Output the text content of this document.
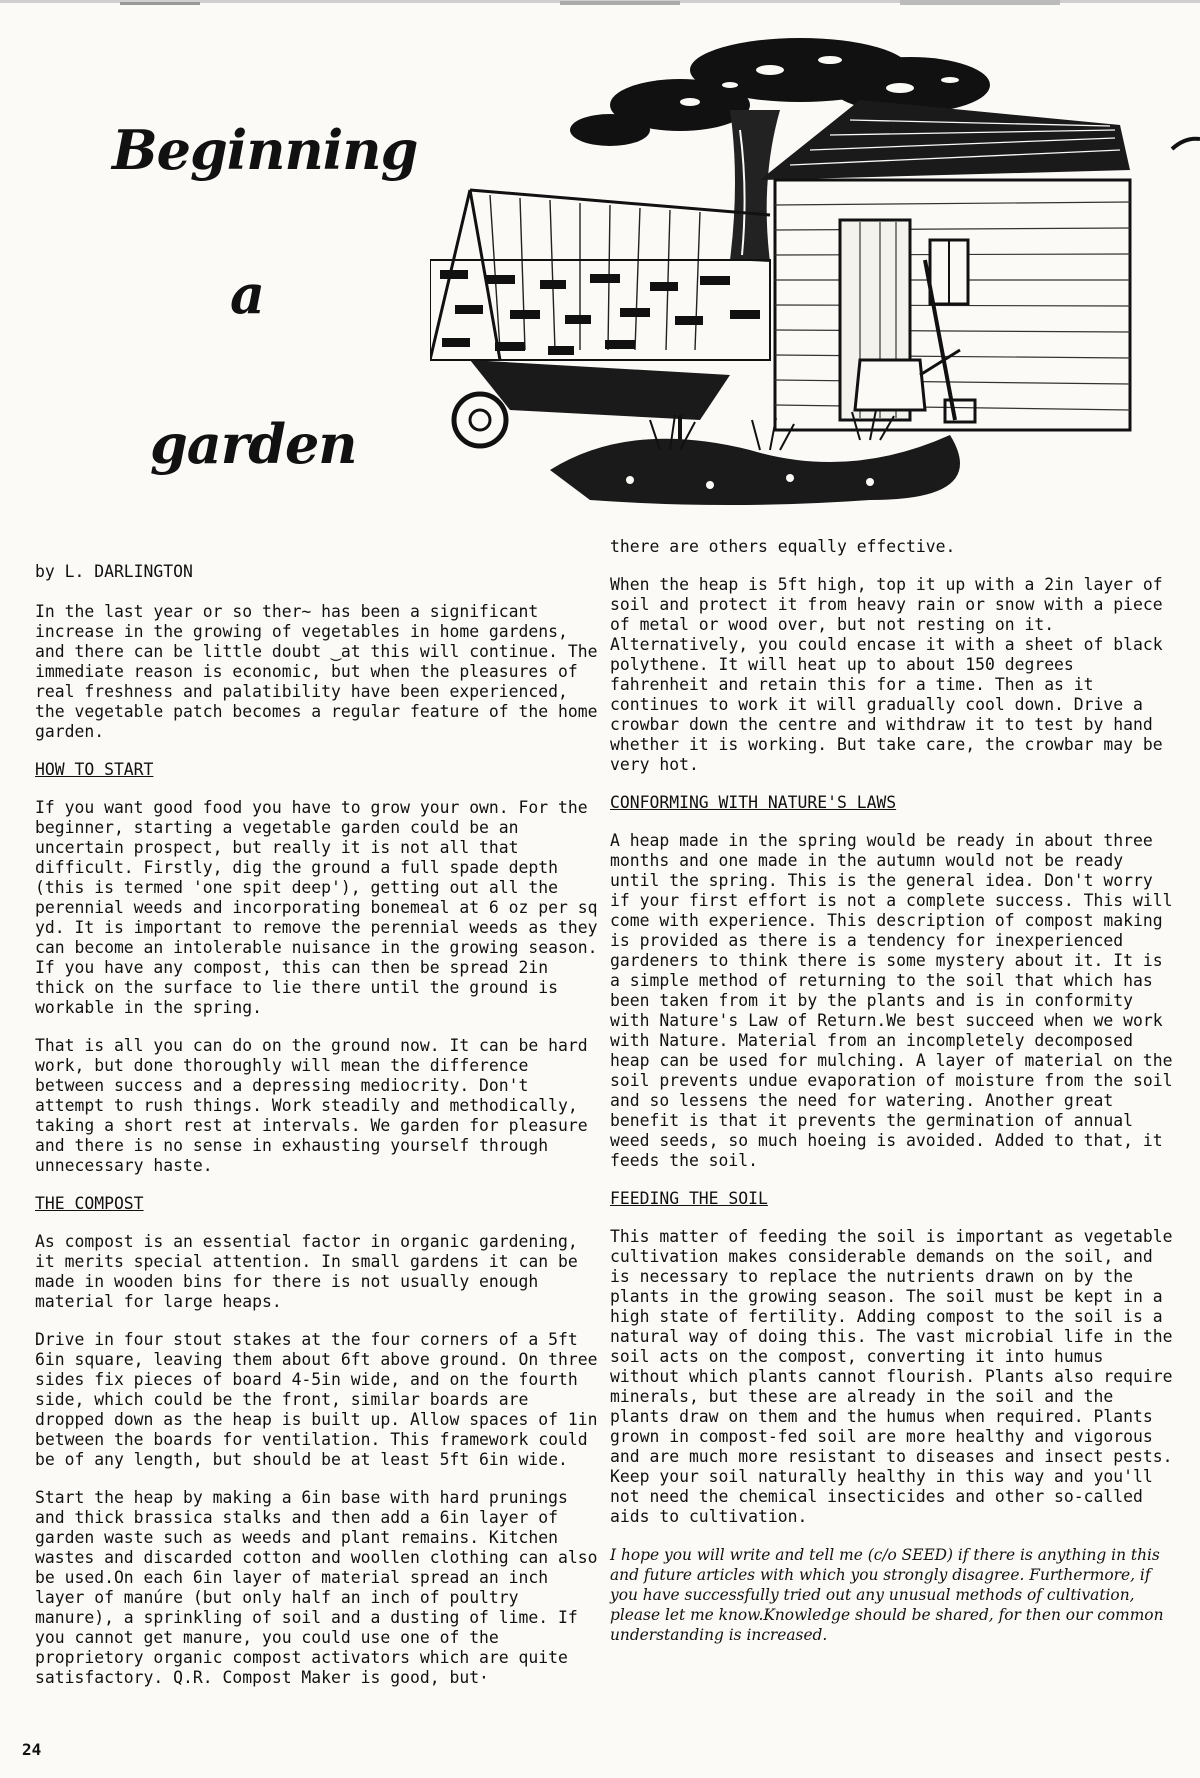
Beginning
a
garden

by L. DARLINGTON

In the last year or so ther~ has been a significant increase in the growing of vegetables in home gardens, and there can be little doubt ‿at this will continue. The immediate reason is economic, but when the pleasures of real freshness and palatibility have been experienced, the vegetable patch becomes a regular feature of the home garden.

HOW TO START

If you want good food you have to grow your own. For the beginner, starting a vegetable garden could be an uncertain prospect, but really it is not all that difficult. Firstly, dig the ground a full spade depth (this is termed 'one spit deep'), getting out all the perennial weeds and incorporating bonemeal at 6 oz per sq yd. It is important to remove the perennial weeds as they can become an intolerable nuisance in the growing season. If you have any compost, this can then be spread 2in thick on the surface to lie there until the ground is workable in the spring.

That is all you can do on the ground now. It can be hard work, but done thoroughly will mean the difference between success and a depressing mediocrity. Don't attempt to rush things. Work steadily and methodically, taking a short rest at intervals. We garden for pleasure and there is no sense in exhausting yourself through unnecessary haste.

THE COMPOST

As compost is an essential factor in organic gardening, it merits special attention. In small gardens it can be made in wooden bins for there is not usually enough material for large heaps.

Drive in four stout stakes at the four corners of a 5ft 6in square, leaving them about 6ft above ground. On three sides fix pieces of board 4-5in wide, and on the fourth side, which could be the front, similar boards are dropped down as the heap is built up. Allow spaces of 1in between the boards for ventilation. This framework could be of any length, but should be at least 5ft 6in wide.

Start the heap by making a 6in base with hard prunings and thick brassica stalks and then add a 6in layer of garden waste such as weeds and plant remains. Kitchen wastes and discarded cotton and woollen clothing can also be used.On each 6in layer of material spread an inch layer of manúre (but only half an inch of poultry manure), a sprinkling of soil and a dusting of lime. If you cannot get manure, you could use one of the proprietory organic compost activators which are quite satisfactory. Q.R. Compost Maker is good, but·

there are others equally effective.

When the heap is 5ft high, top it up with a 2in layer of soil and protect it from heavy rain or snow with a piece of metal or wood over, but not resting on it. Alternatively, you could encase it with a sheet of black polythene. It will heat up to about 150 degrees fahrenheit and retain this for a time. Then as it continues to work it will gradually cool down. Drive a crowbar down the centre and withdraw it to test by hand whether it is working. But take care, the crowbar may be very hot.

CONFORMING WITH NATURE'S LAWS

A heap made in the spring would be ready in about three months and one made in the autumn would not be ready until the spring. This is the general idea. Don't worry if your first effort is not a complete success. This will come with experience. This description of compost making is provided as there is a tendency for inexperienced gardeners to think there is some mystery about it. It is a simple method of returning to the soil that which has been taken from it by the plants and is in conformity with Nature's Law of Return.We best succeed when we work with Nature. Material from an incompletely decomposed heap can be used for mulching. A layer of material on the soil prevents undue evaporation of moisture from the soil and so lessens the need for watering. Another great benefit is that it prevents the germination of annual weed seeds, so much hoeing is avoided. Added to that, it feeds the soil.

FEEDING THE SOIL

This matter of feeding the soil is important as vegetable cultivation makes considerable demands on the soil, and is necessary to replace the nutrients drawn on by the plants in the growing season. The soil must be kept in a high state of fertility. Adding compost to the soil is a natural way of doing this. The vast microbial life in the soil acts on the compost, converting it into humus without which plants cannot flourish. Plants also require minerals, but these are already in the soil and the plants draw on them and the humus when required. Plants grown in compost-fed soil are more healthy and vigorous and are much more resistant to diseases and insect pests. Keep your soil naturally healthy in this way and you'll not need the chemical insecticides and other so-called aids to cultivation.

I hope you will write and tell me (c/o SEED) if there is anything in this and future articles with which you strongly disagree. Furthermore, if you have successfully tried out any unusual methods of cultivation, please let me know.Knowledge should be shared, for then our common understanding is increased.

24
